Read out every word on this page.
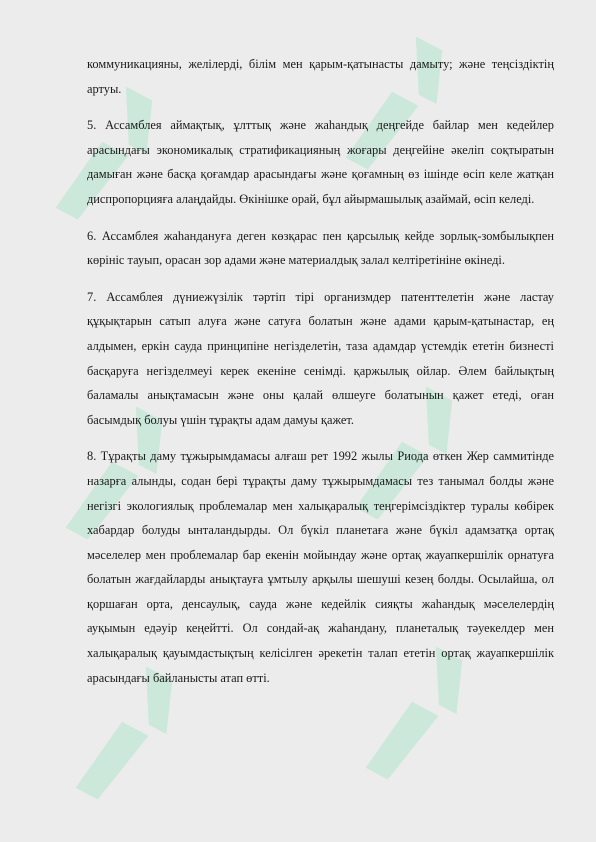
коммуникацияны, желілерді, білім мен қарым-қатынасты дамыту; және теңсіздіктің артуы.

5. Ассамблея аймақтық, ұлттық және жаһандық деңгейде байлар мен кедейлер арасындағы экономикалық стратификацияның жоғары деңгейіне әкеліп соқтыратын дамыған және басқа қоғамдар арасындағы және қоғамның өз ішінде өсіп келе жатқан диспропорцияға алаңдайды. Өкінішке орай, бұл айырмашылық азаймай, өсіп келеді.

6. Ассамблея жаһандануға деген көзқарас пен қарсылық кейде зорлық-зомбылықпен көрініс тауып, орасан зор адами және материалдық залал келтіретініне өкінеді.

7. Ассамблея дүниежүзілік тәртіп тірі организмдер патенттелетін және ластау құқықтарын сатып алуға және сатуға болатын және адами қарым-қатынастар, ең алдымен, еркін сауда принципіне негізделетін, таза адамдар үстемдік ететін бизнесті басқаруға негізделмеуі керек екеніне сенімді. қаржылық ойлар. Әлем байлықтың баламалы анықтамасын және оны қалай өлшеуге болатынын қажет етеді, оған басымдық болуы үшін тұрақты адам дамуы қажет.

8. Тұрақты даму тұжырымдамасы алғаш рет 1992 жылы Риода өткен Жер саммитінде назарға алынды, содан бері тұрақты даму тұжырымдамасы тез танымал болды және негізгі экологиялық проблемалар мен халықаралық теңгерімсіздіктер туралы көбірек хабардар болуды ынталандырды. Ол бүкіл планетаға және бүкіл адамзатқа ортақ мәселелер мен проблемалар бар екенін мойындау және ортақ жауапкершілік орнатуға болатын жағдайларды анықтауға ұмтылу арқылы шешуші кезең болды. Осылайша, ол қоршаған орта, денсаулық, сауда және кедейлік сияқты жаһандық мәселелердің ауқымын едәуір кеңейтті. Ол сондай-ақ жаһандану, планеталық тәуекелдер мен халықаралық қауымдастықтың келісілген әрекетін талап ететін ортақ жауапкершілік арасындағы байланысты атап өтті.
